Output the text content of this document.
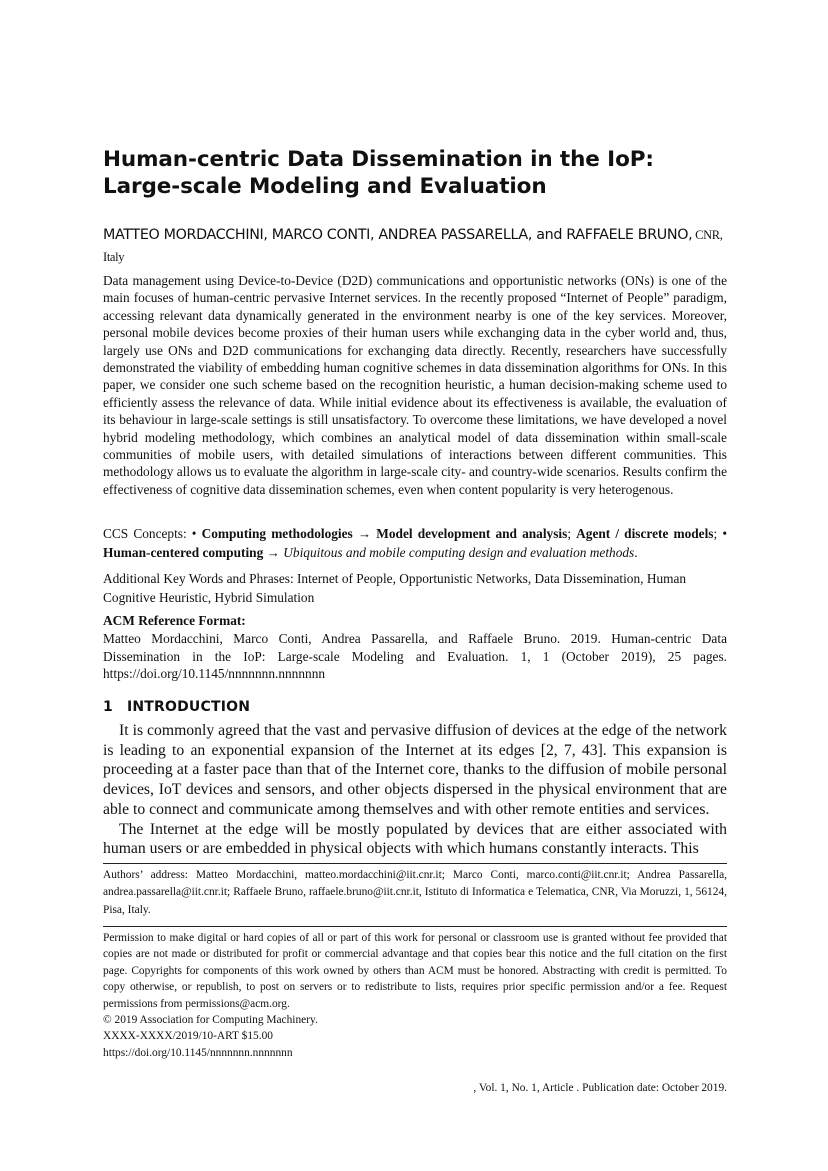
Human-centric Data Dissemination in the IoP: Large-scale Modeling and Evaluation
MATTEO MORDACCHINI, MARCO CONTI, ANDREA PASSARELLA, and RAFFAELE BRUNO, CNR,
Italy
Data management using Device-to-Device (D2D) communications and opportunistic networks (ONs) is one of the main focuses of human-centric pervasive Internet services. In the recently proposed “Internet of People” paradigm, accessing relevant data dynamically generated in the environment nearby is one of the key services. Moreover, personal mobile devices become proxies of their human users while exchanging data in the cyber world and, thus, largely use ONs and D2D communications for exchanging data directly. Recently, researchers have successfully demonstrated the viability of embedding human cognitive schemes in data dissemination algorithms for ONs. In this paper, we consider one such scheme based on the recognition heuristic, a human decision-making scheme used to efficiently assess the relevance of data. While initial evidence about its effectiveness is available, the evaluation of its behaviour in large-scale settings is still unsatisfactory. To overcome these limitations, we have developed a novel hybrid modeling methodology, which combines an analytical model of data dissemination within small-scale communities of mobile users, with detailed simulations of interactions between different communities. This methodology allows us to evaluate the algorithm in large-scale city- and country-wide scenarios. Results confirm the effectiveness of cognitive data dissemination schemes, even when content popularity is very heterogenous.
CCS Concepts: • Computing methodologies → Model development and analysis; Agent / discrete models; • Human-centered computing → Ubiquitous and mobile computing design and evaluation methods.
Additional Key Words and Phrases: Internet of People, Opportunistic Networks, Data Dissemination, Human Cognitive Heuristic, Hybrid Simulation
ACM Reference Format:
Matteo Mordacchini, Marco Conti, Andrea Passarella, and Raffaele Bruno. 2019. Human-centric Data Dissemination in the IoP: Large-scale Modeling and Evaluation. 1, 1 (October 2019), 25 pages. https://doi.org/10.1145/nnnnnnn.nnnnnnn
1 INTRODUCTION

It is commonly agreed that the vast and pervasive diffusion of devices at the edge of the network is leading to an exponential expansion of the Internet at its edges [2, 7, 43]. This expansion is proceeding at a faster pace than that of the Internet core, thanks to the diffusion of mobile personal devices, IoT devices and sensors, and other objects dispersed in the physical environment that are able to connect and communicate among themselves and with other remote entities and services.

The Internet at the edge will be mostly populated by devices that are either associated with human users or are embedded in physical objects with which humans constantly interacts. This

Authors’ address: Matteo Mordacchini, matteo.mordacchini@iit.cnr.it; Marco Conti, marco.conti@iit.cnr.it; Andrea Passarella, andrea.passarella@iit.cnr.it; Raffaele Bruno, raffaele.bruno@iit.cnr.it, Istituto di Informatica e Telematica, CNR, Via Moruzzi, 1, 56124, Pisa, Italy.
Permission to make digital or hard copies of all or part of this work for personal or classroom use is granted without fee provided that copies are not made or distributed for profit or commercial advantage and that copies bear this notice and the full citation on the first page. Copyrights for components of this work owned by others than ACM must be honored. Abstracting with credit is permitted. To copy otherwise, or republish, to post on servers or to redistribute to lists, requires prior specific permission and/or a fee. Request permissions from permissions@acm.org.
© 2019 Association for Computing Machinery.
XXXX-XXXX/2019/10-ART $15.00
https://doi.org/10.1145/nnnnnnn.nnnnnnn
, Vol. 1, No. 1, Article . Publication date: October 2019.
